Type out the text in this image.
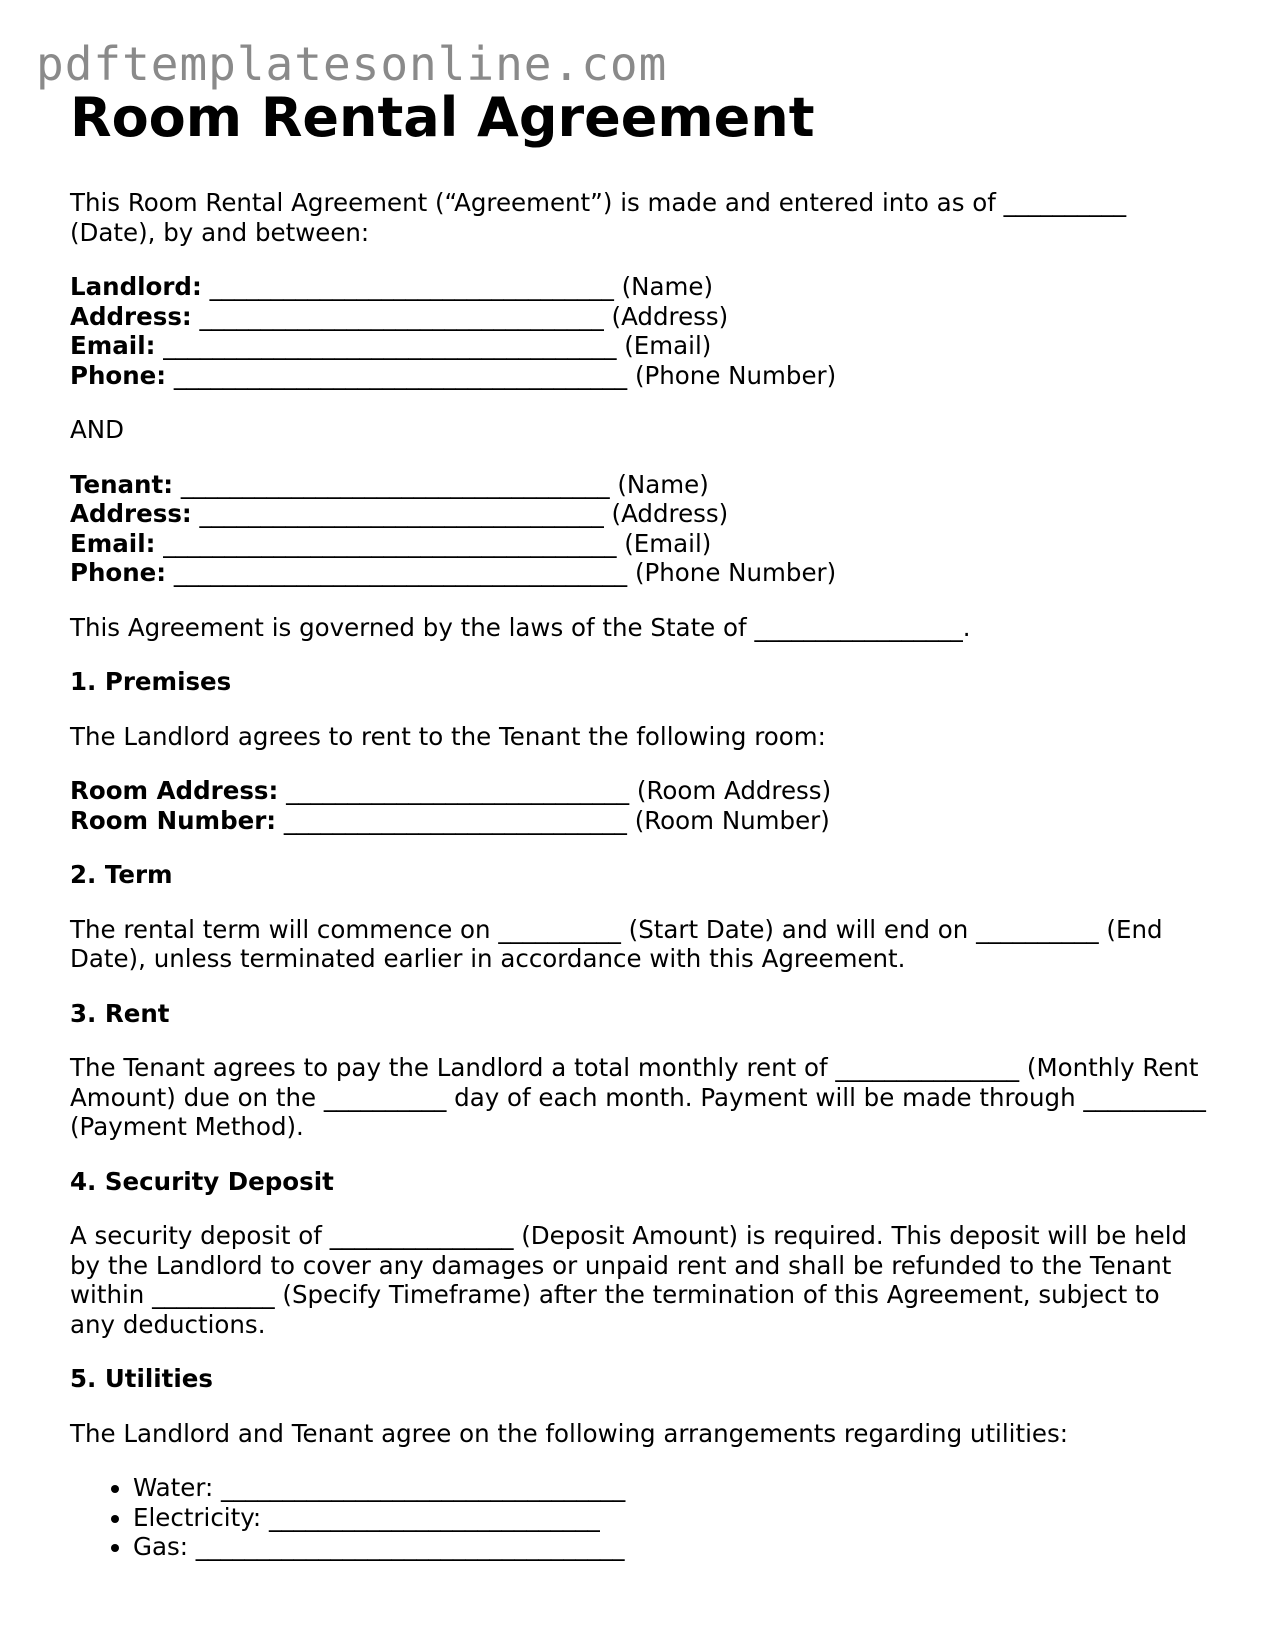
pdftemplatesonline.com
Room Rental Agreement

This Room Rental Agreement (“Agreement”) is made and entered into as of __________ (Date), by and between:

Landlord: _________________________________ (Name)
Address: _________________________________ (Address)
Email: _____________________________________ (Email)
Phone: _____________________________________ (Phone Number)

AND

Tenant: ___________________________________ (Name)
Address: _________________________________ (Address)
Email: _____________________________________ (Email)
Phone: _____________________________________ (Phone Number)

This Agreement is governed by the laws of the State of _________________.

1. Premises

The Landlord agrees to rent to the Tenant the following room:

Room Address: ____________________________ (Room Address)
Room Number: ____________________________ (Room Number)
2. Term

The rental term will commence on __________ (Start Date) and will end on __________ (End Date), unless terminated earlier in accordance with this Agreement.

3. Rent

The Tenant agrees to pay the Landlord a total monthly rent of _______________ (Monthly Rent Amount) due on the __________ day of each month. Payment will be made through __________ (Payment Method).

4. Security Deposit

A security deposit of _______________ (Deposit Amount) is required. This deposit will be held by the Landlord to cover any damages or unpaid rent and shall be refunded to the Tenant within __________ (Specify Timeframe) after the termination of this Agreement, subject to any deductions.

5. Utilities

The Landlord and Tenant agree on the following arrangements regarding utilities:

• Water: _________________________________
• Electricity: ___________________________
• Gas: ___________________________________
